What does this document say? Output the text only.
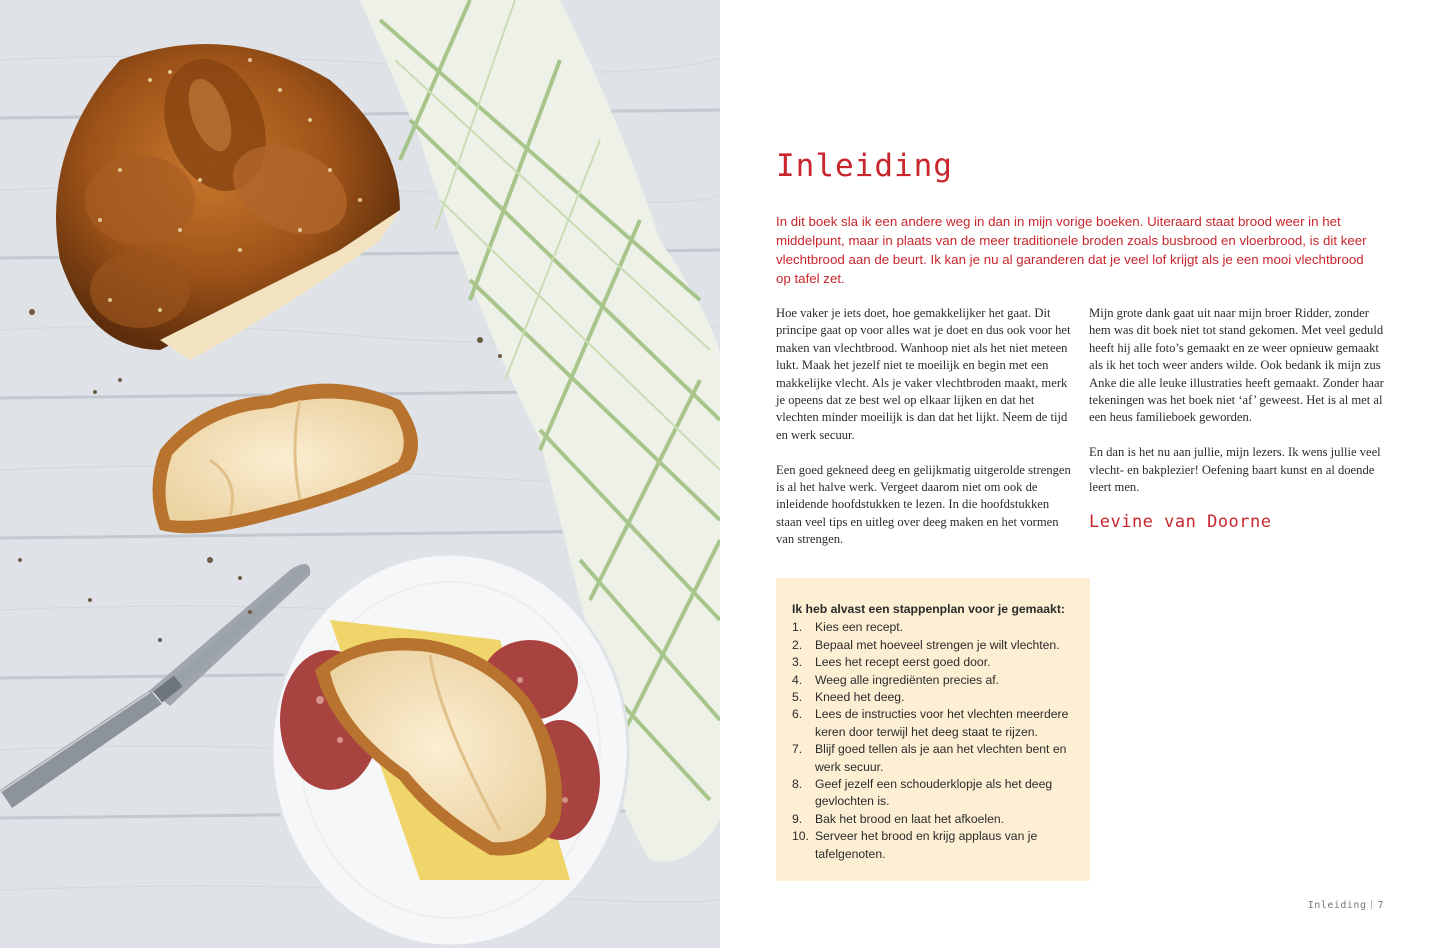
Inleiding

In dit boek sla ik een andere weg in dan in mijn vorige boeken. Uiteraard staat brood weer in het middelpunt, maar in plaats van de meer traditionele broden zoals busbrood en vloerbrood, is dit keer vlechtbrood aan de beurt. Ik kan je nu al garanderen dat je veel lof krijgt als je een mooi vlechtbrood op tafel zet.

Hoe vaker je iets doet, hoe gemakkelijker het gaat. Dit principe gaat op voor alles wat je doet en dus ook voor het maken van vlechtbrood. Wanhoop niet als het niet meteen lukt. Maak het jezelf niet te moeilijk en begin met een makkelijke vlecht. Als je vaker vlechtbroden maakt, merk je opeens dat ze best wel op elkaar lijken en dat het vlechten minder moeilijk is dan dat het lijkt. Neem de tijd en werk secuur.

Een goed gekneed deeg en gelijkmatig uitgerolde strengen is al het halve werk. Vergeet daarom niet om ook de inleidende hoofdstukken te lezen. In die hoofdstukken staan veel tips en uitleg over deeg maken en het vormen van strengen.

Mijn grote dank gaat uit naar mijn broer Ridder, zonder hem was dit boek niet tot stand gekomen. Met veel geduld heeft hij alle foto’s gemaakt en ze weer opnieuw gemaakt als ik het toch weer anders wilde. Ook bedank ik mijn zus Anke die alle leuke illustraties heeft gemaakt. Zonder haar tekeningen was het boek niet ‘af’ geweest. Het is al met al een heus familieboek geworden.

En dan is het nu aan jullie, mijn lezers. Ik wens jullie veel vlecht- en bakplezier! Oefening baart kunst en al doende leert men.

Levine van Doorne
Ik heb alvast een stappenplan voor je gemaakt:
1.	Kies een recept.
2.	Bepaal met hoeveel strengen je wilt vlechten.
3.	Lees het recept eerst goed door.
4.	Weeg alle ingrediënten precies af.
5.	Kneed het deeg.
6.	Lees de instructies voor het vlechten meerdere keren door terwijl het deeg staat te rijzen.
7.	Blijf goed tellen als je aan het vlechten bent en werk secuur.
8.	Geef jezelf een schouderklopje als het deeg gevlochten is.
9.	Bak het brood en laat het afkoelen.
10. Serveer het brood en krijg applaus van je tafelgenoten.
Inleiding 7
